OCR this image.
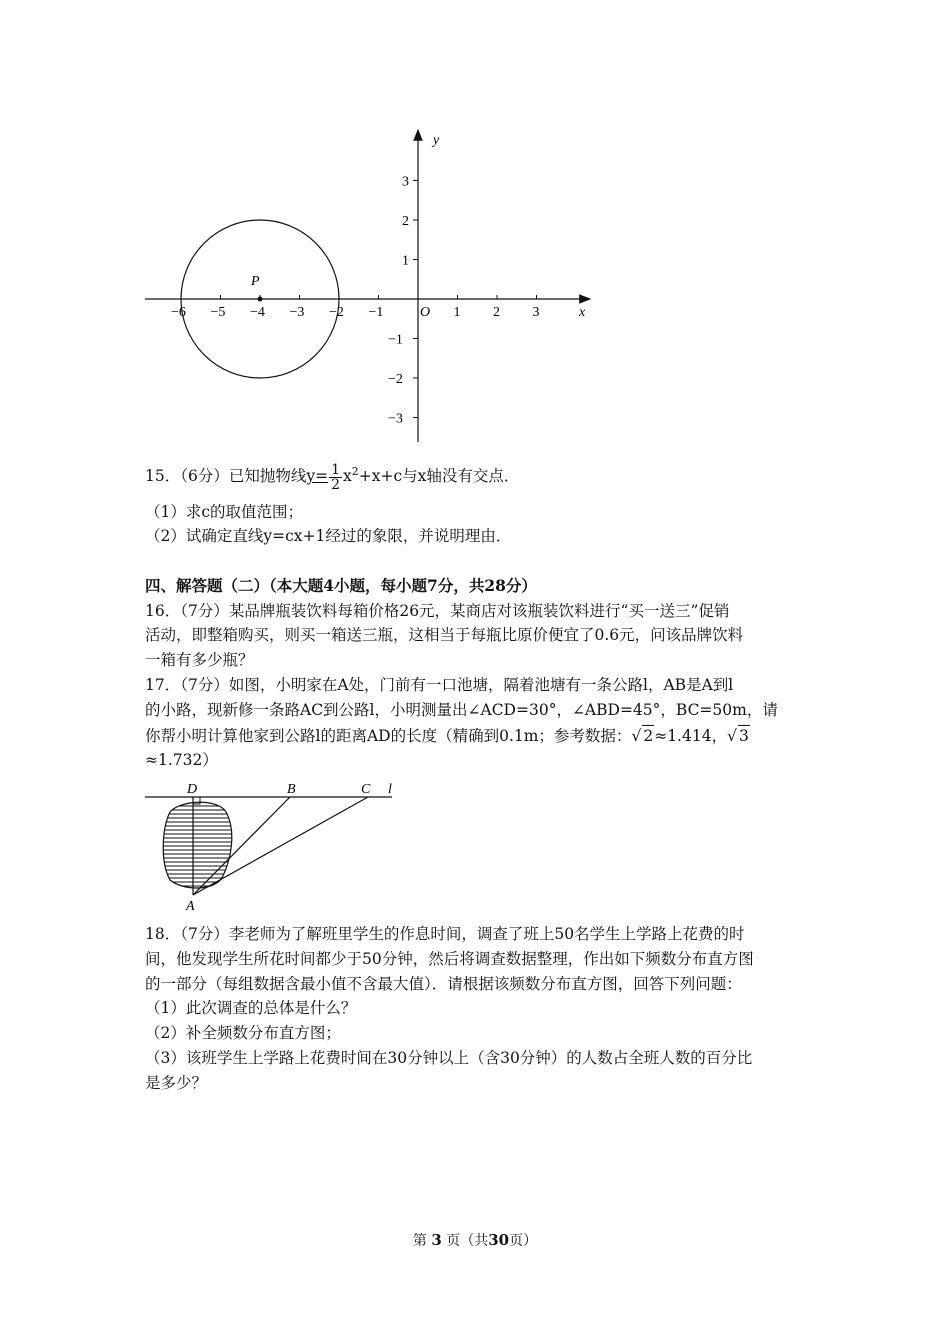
P
y
x
O
−6 −5 −4 −3 −2 −1	1 2 3
3
2
1
−1
−2
−3
15．（6分）已知抛物线$y= \frac{1}{2} x^2+x+c$与x轴没有交点．
（1）求c的取值范围；
（2）试确定直线y=cx+1经过的象限，并说明理由．
四、解答题（二）（本大题4小题，每小题7分，共28分）
16．（7分）某品牌瓶装饮料每箱价格26元，某商店对该瓶装饮料进行“买一送三”促销
活动，即整箱购买，则买一箱送三瓶，这相当于每瓶比原价便宜了0.6元，问该品牌饮料
一箱有多少瓶？
17．（7分）如图，小明家在A处，门前有一口池塘，隔着池塘有一条公路l，AB是A到l
的小路，现新修一条路AC到公路l，小明测量出∠ACD=30°，∠ABD=45°，BC=50m，请
你帮小明计算他家到公路l的距离AD的长度（精确到0.1m；参考数据：√ 2≈1.414，√ 3
≈1.732）
D	B	C l
A
18．（7分）李老师为了解班里学生的作息时间，调查了班上50名学生上学路上花费的时
间，他发现学生所花时间都少于50分钟，然后将调查数据整理，作出如下频数分布直方图
的一部分（每组数据含最小值不含最大值）．请根据该频数分布直方图，回答下列问题：
（1）此次调查的总体是什么？
（2）补全频数分布直方图；
（3）该班学生上学路上花费时间在30分钟以上（含30分钟）的人数占全班人数的百分比
是多少？
第 3 页（共30页）
